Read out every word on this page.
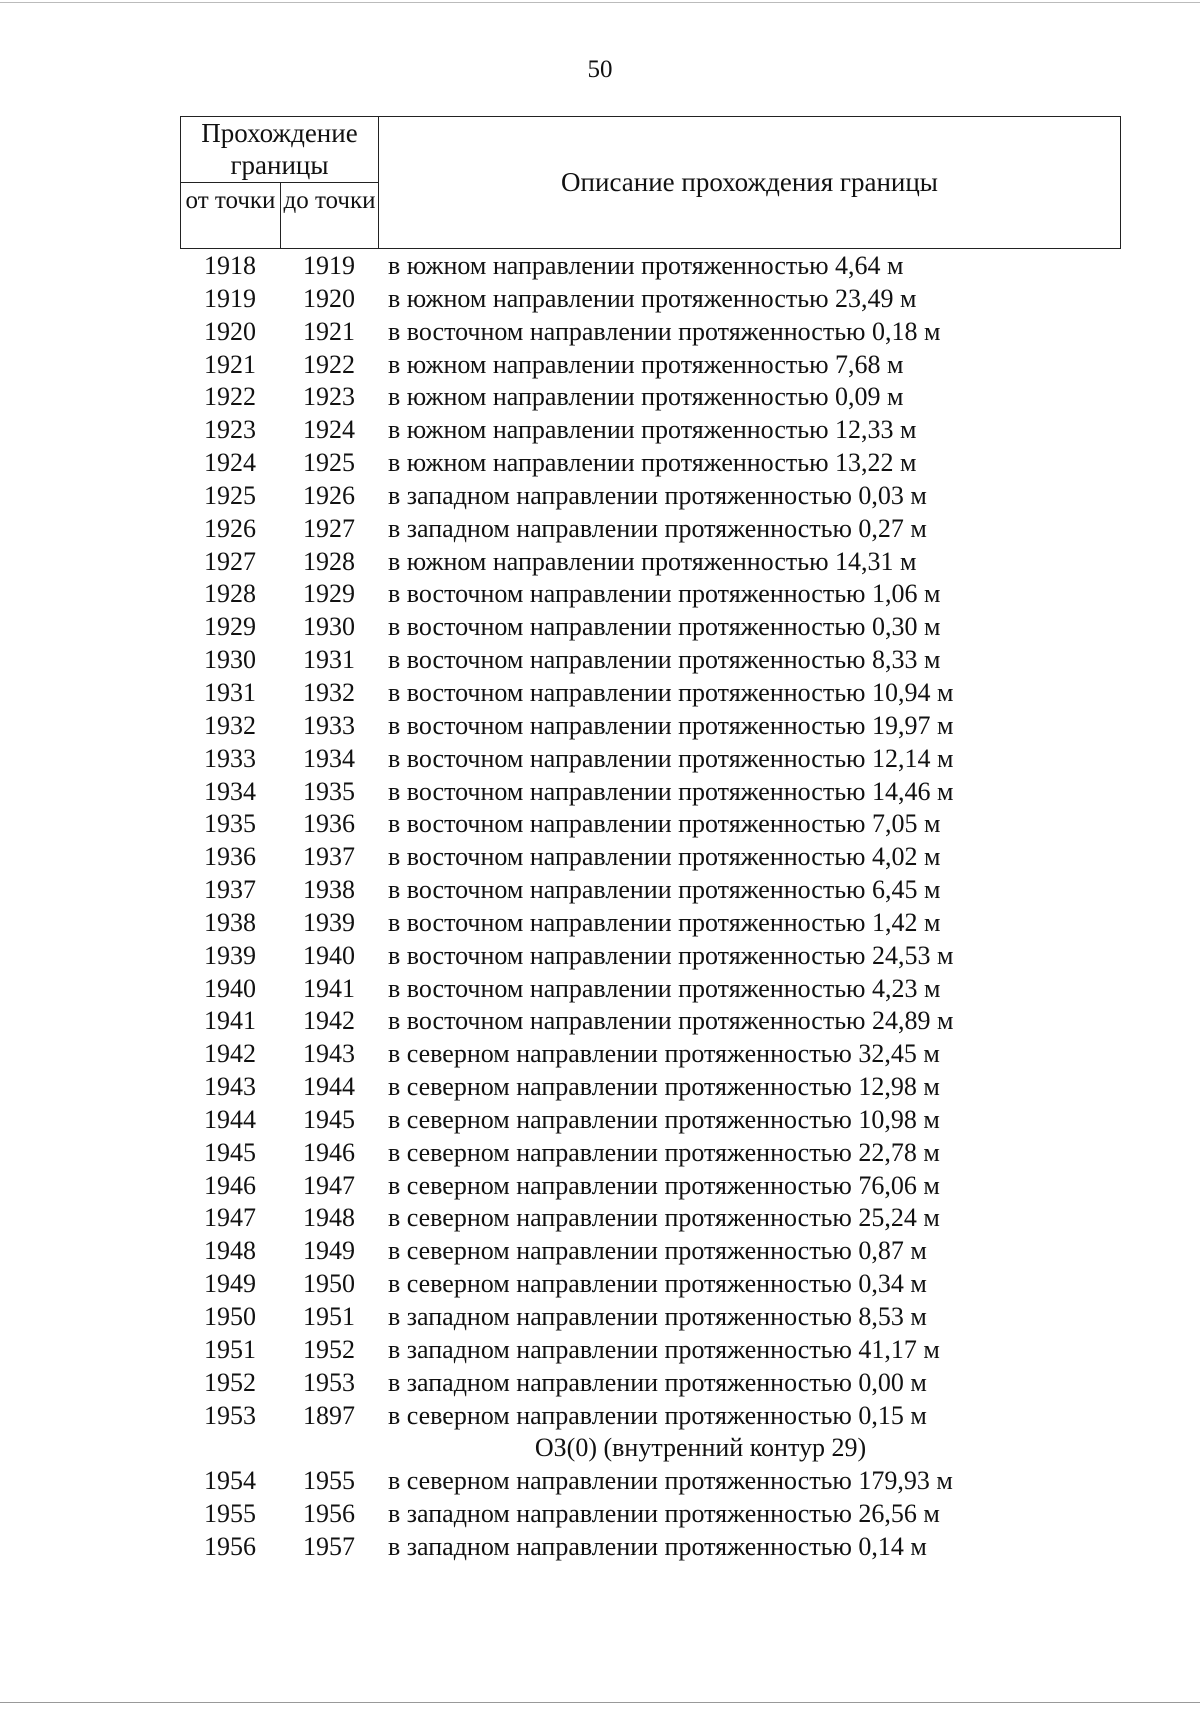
50
Прохождение границы
от точки до точки
Описание прохождения границы
1918	1919	в южном направлении протяженностью 4,64 м
1919	1920	в южном направлении протяженностью 23,49 м
1920	1921	в восточном направлении протяженностью 0,18 м
1921	1922	в южном направлении протяженностью 7,68 м
1922	1923	в южном направлении протяженностью 0,09 м
1923	1924	в южном направлении протяженностью 12,33 м
1924	1925	в южном направлении протяженностью 13,22 м
1925	1926	в западном направлении протяженностью 0,03 м
1926	1927	в западном направлении протяженностью 0,27 м
1927	1928	в южном направлении протяженностью 14,31 м
1928	1929	в восточном направлении протяженностью 1,06 м
1929	1930	в восточном направлении протяженностью 0,30 м
1930	1931	в восточном направлении протяженностью 8,33 м
1931	1932	в восточном направлении протяженностью 10,94 м
1932	1933	в восточном направлении протяженностью 19,97 м
1933	1934	в восточном направлении протяженностью 12,14 м
1934	1935	в восточном направлении протяженностью 14,46 м
1935	1936	в восточном направлении протяженностью 7,05 м
1936	1937	в восточном направлении протяженностью 4,02 м
1937	1938	в восточном направлении протяженностью 6,45 м
1938	1939	в восточном направлении протяженностью 1,42 м
1939	1940	в восточном направлении протяженностью 24,53 м
1940	1941	в восточном направлении протяженностью 4,23 м
1941	1942	в восточном направлении протяженностью 24,89 м
1942	1943	в северном направлении протяженностью 32,45 м
1943	1944	в северном направлении протяженностью 12,98 м
1944	1945	в северном направлении протяженностью 10,98 м
1945	1946	в северном направлении протяженностью 22,78 м
1946	1947	в северном направлении протяженностью 76,06 м
1947	1948	в северном направлении протяженностью 25,24 м
1948	1949	в северном направлении протяженностью 0,87 м
1949	1950	в северном направлении протяженностью 0,34 м
1950	1951	в западном направлении протяженностью 8,53 м
1951	1952	в западном направлении протяженностью 41,17 м
1952	1953	в западном направлении протяженностью 0,00 м
1953	1897	в северном направлении протяженностью 0,15 м
ОЗ(0) (внутренний контур 29)
1954	1955	в северном направлении протяженностью 179,93 м
1955	1956	в западном направлении протяженностью 26,56 м
1956	1957	в западном направлении протяженностью 0,14 м
